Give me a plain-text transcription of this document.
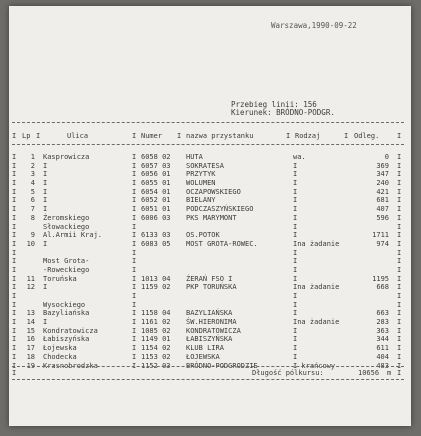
Warszawa,1990-09-22
Przebieg linii: 156
Kierunek: BRÓDNO-PODGR.
I Lp I	Ulica	I Numer I nazwa przystanku	I Rodzaj	I Odleg.	I
I	I	I
1 Kasprowicza	6058 02 HUTA	wa.	0
I	I	I
2 I	6057 03 SOKRATESA	I	369
I	I	I
3 I	6056 01 PRZYTYK	I	347
I	I	I
4 I	6055 01 WOLUMEN	I	240
I	I	I
5 I	6054 01 OCZAPOWSKIEGO	I	421
I	I	I
6 I	6052 01 BIELANY	I	681
I	I	I
7 I	6051 01 PODCZASZYŃSKIEGO	I	407
I	I	I
8 Żeromskiego	6006 03 PKS MARYMONT	I	596
I	I	I
Słowackiego	I
I	I	I
9 Al.Armii Kraj.	6133 03 OS.POTOK	I	1711
I	I	I
10 I	6083 05 MOST GROTA-ROWEC.	Ina żadanie	974
I	I	I
I
I	I	I
Most Grota-	I
I	I	I
-Roweckiego	I
I	I	I
11 Toruńska	1013 04 ŻERAŃ FSO I	I	1195
I	I	I
12 I	1159 02 PKP TORUŃSKA	Ina żadanie	668
I	I	I
I
I	I	I
Wysockiego	I
I	I	I
13 Bazyliańska	1158 04 BAZYLIAŃSKA	I	663
I	I	I
14 I	1161 02 ŚW.HIERONIMA	Ina żadanie	283
I	I	I
15 Kondratowicza	1085 02 KONDRATOWICZA	I	363
I	I	I
16 Łabiszyńska	1149 01 ŁABISZYŃSKA	I	344
I	I	I
17 Łojewska	1154 02 KLUB LIRA	I	611
I	I	I
18 Chodecka	1153 02 ŁOJEWSKA	I	404
I	I	I
19 Krasnobrodzka	1152 03 BRÓDNO-PODGRODZIE	I krańcowy	483
I	Długość pólkursu:	10656 m I
